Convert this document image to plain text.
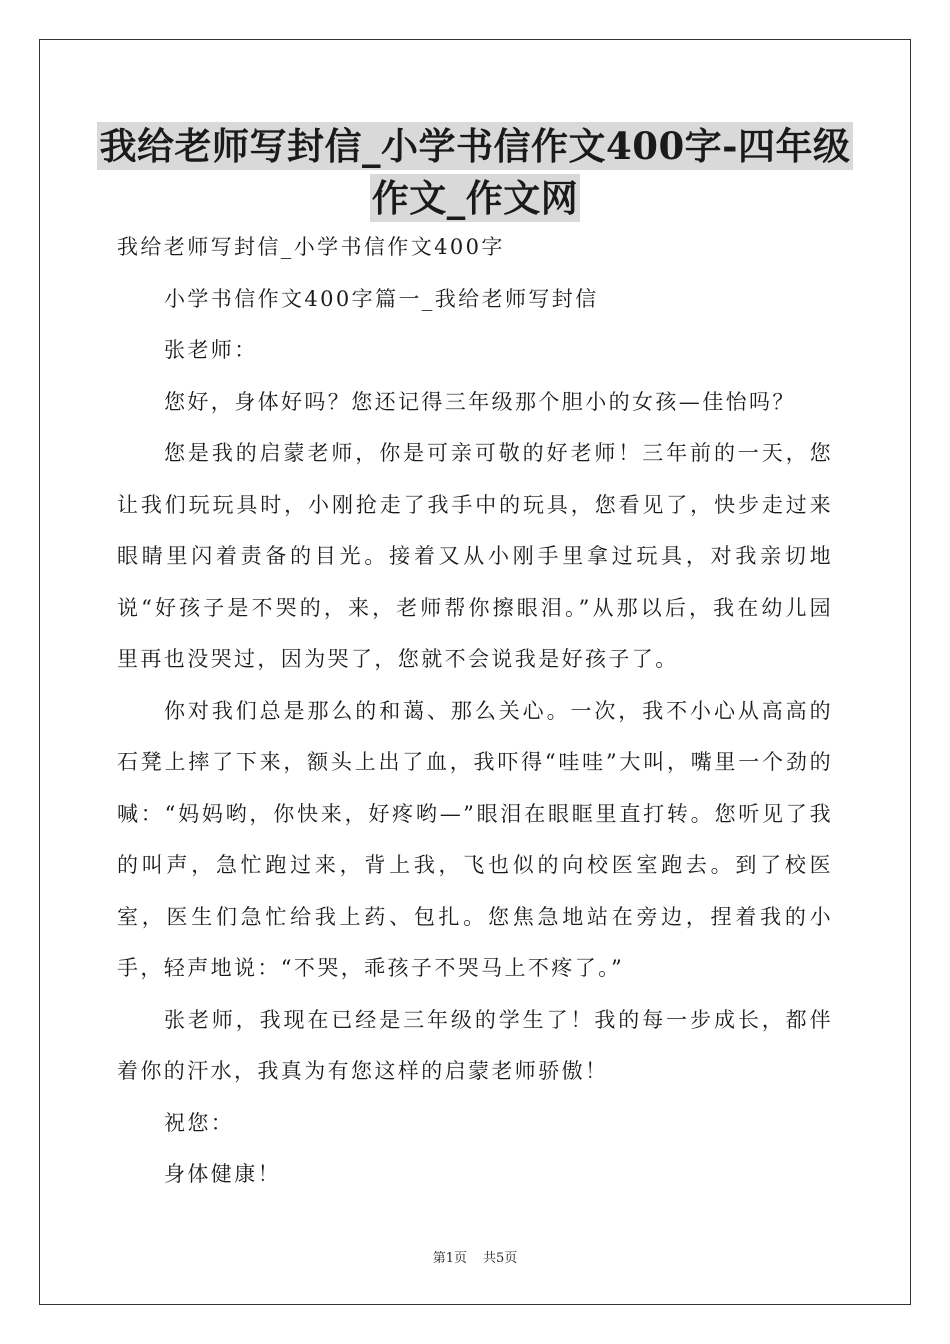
我给老师写封信_小学书信作文400字-四年级
作文_作文网

我给老师写封信_小学书信作文400字

小学书信作文400字篇一_我给老师写封信

张老师：

您好，身体好吗？您还记得三年级那个胆小的女孩—佳怡吗？

您是我的启蒙老师，你是可亲可敬的好老师！三年前的一天，您让我们玩玩具时，小刚抢走了我手中的玩具，您看见了，快步走过来眼睛里闪着责备的目光。接着又从小刚手里拿过玩具，对我亲切地说“好孩子是不哭的，来，老师帮你擦眼泪。”从那以后，我在幼儿园里再也没哭过，因为哭了，您就不会说我是好孩子了。

你对我们总是那么的和蔼、那么关心。一次，我不小心从高高的石凳上摔了下来，额头上出了血，我吓得“哇哇”大叫，嘴里一个劲的喊：“妈妈哟，你快来，好疼哟—”眼泪在眼眶里直打转。您听见了我的叫声，急忙跑过来，背上我，飞也似的向校医室跑去。到了校医室，医生们急忙给我上药、包扎。您焦急地站在旁边，捏着我的小手，轻声地说：“不哭，乖孩子不哭马上不疼了。”

张老师，我现在已经是三年级的学生了！我的每一步成长，都伴着你的汗水，我真为有您这样的启蒙老师骄傲！

祝您：

身体健康！

第1页 共5页
